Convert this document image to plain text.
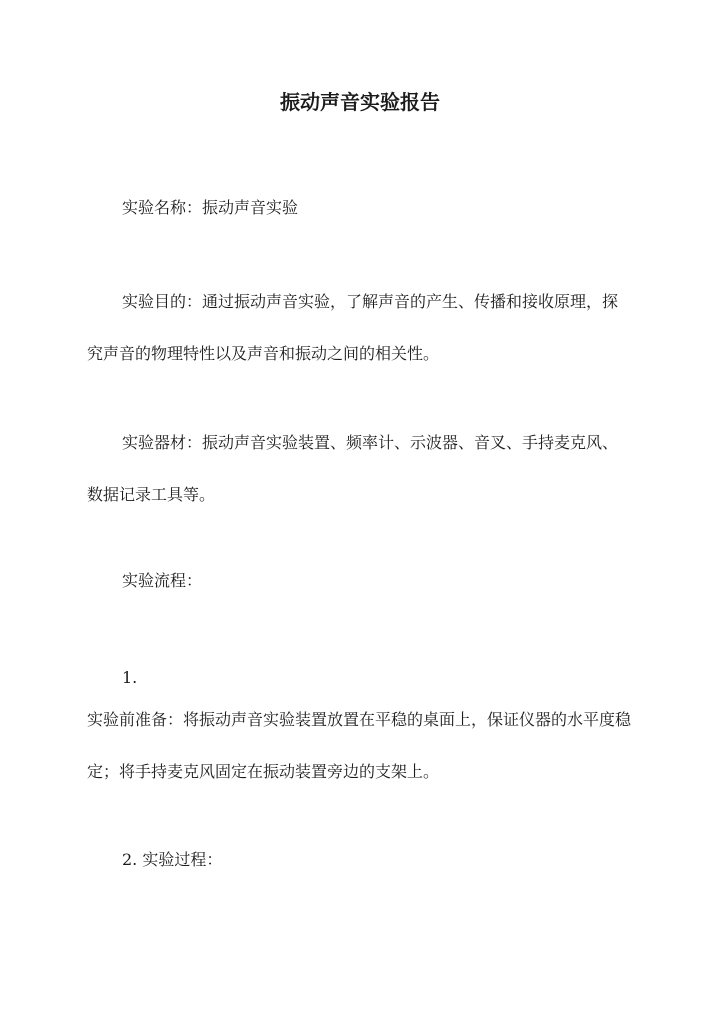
振动声音实验报告

实验名称：振动声音实验

实验目的：通过振动声音实验，了解声音的产生、传播和接收原理，探究声音的物理特性以及声音和振动之间的相关性。

实验器材：振动声音实验装置、频率计、示波器、音叉、手持麦克风、数据记录工具等。

实验流程：

1.

实验前准备：将振动声音实验装置放置在平稳的桌面上，保证仪器的水平度稳定；将手持麦克风固定在振动装置旁边的支架上。

2. 实验过程：
